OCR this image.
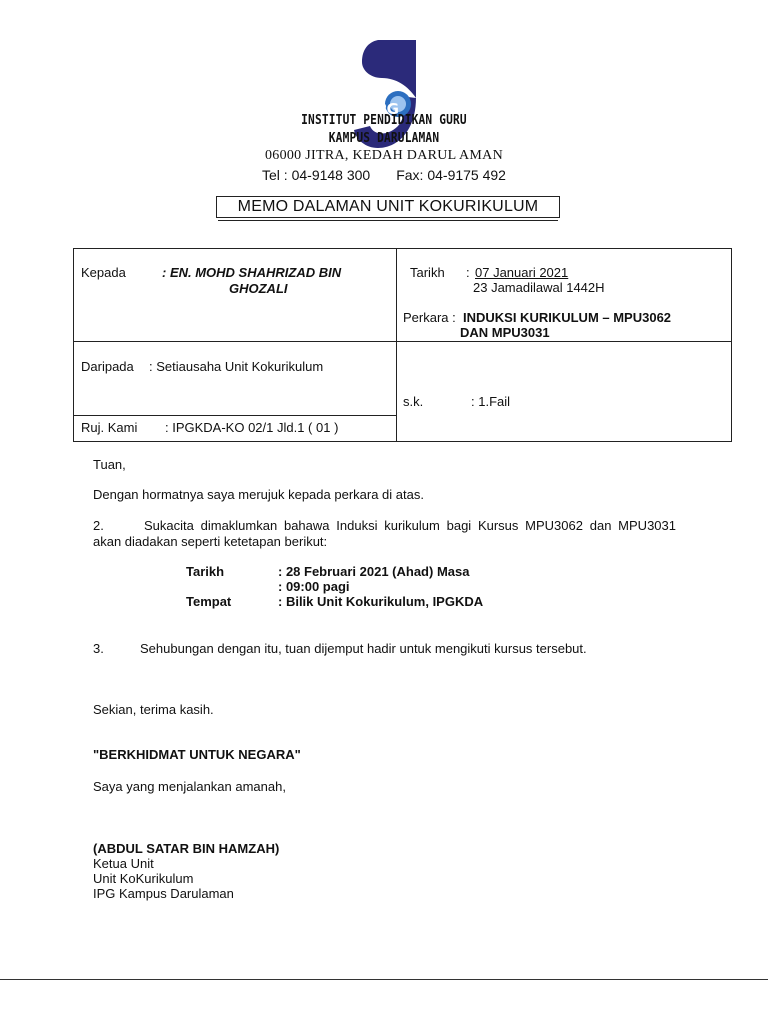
IPG
INSTITUT PENDIDIKAN GURU
KAMPUS DARULAMAN
06000 JITRA, KEDAH DARUL AMAN
Tel : 04-9148 300 Fax: 04-9175 492
MEMO DALAMAN UNIT KOKURIKULUM
Kepada	: EN. MOHD SHAHRIZAD BIN
GHOZALI
Tarikh : 07 Januari 2021
23 Jamadilawal 1442H
Perkara : INDUKSI KURIKULUM – MPU3062
DAN MPU3031
Daripada : Setiausaha Unit Kokurikulum
s.k.	: 1.Fail
Ruj. Kami : IPGKDA-KO 02/1 Jld.1 ( 01 )
Tuan,
Dengan hormatnya saya merujuk kepada perkara di atas.
2.	Sukacita dimaklumkan bahawa Induksi kurikulum bagi Kursus MPU3062 dan MPU3031 akan diadakan seperti ketetapan berikut:
Tarikh	: 28 Februari 2021 (Ahad) Masa
: 09:00 pagi
Tempat	: Bilik Unit Kokurikulum, IPGKDA
3.	Sehubungan dengan itu, tuan dijemput hadir untuk mengikuti kursus tersebut.
Sekian, terima kasih.
"BERKHIDMAT UNTUK NEGARA"
Saya yang menjalankan amanah,
(ABDUL SATAR BIN HAMZAH)
Ketua Unit
Unit KoKurikulum
IPG Kampus Darulaman
